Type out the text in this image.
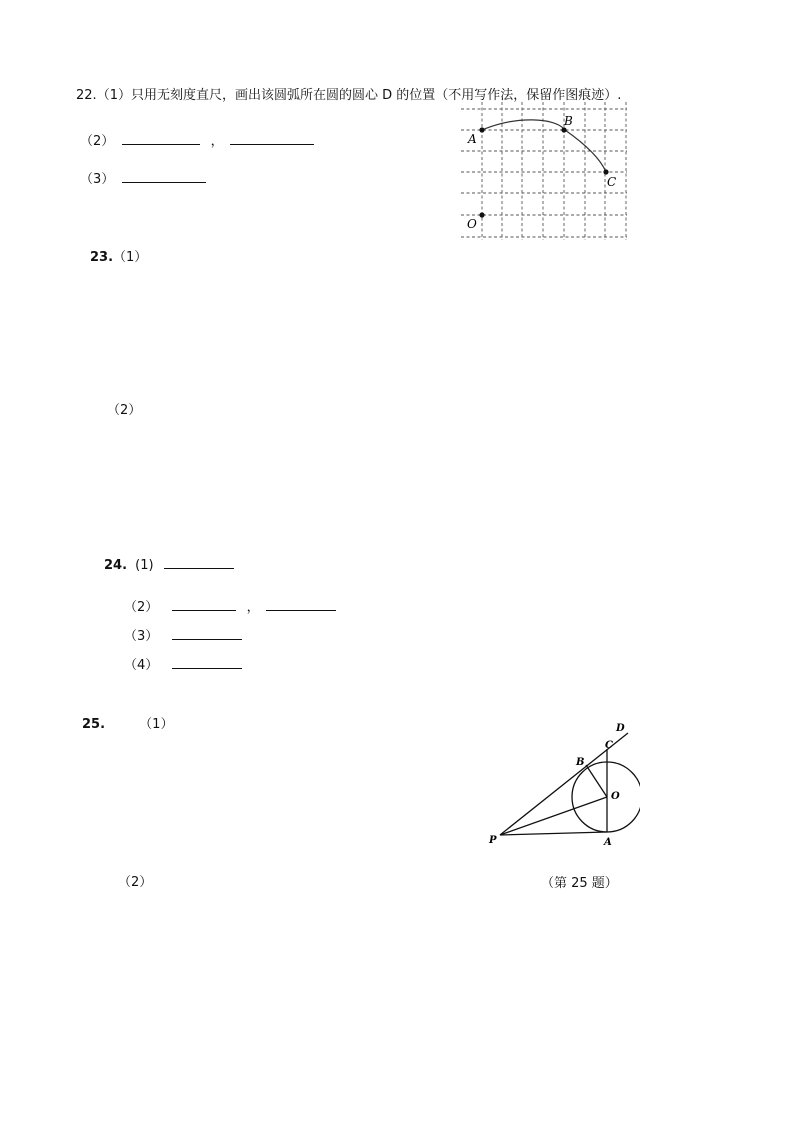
22.（1）只用无刻度直尺，画出该圆弧所在圆的圆心 D 的位置（不用写作法，保留作图痕迹）.
（2）	，
（3）
A
B
C
O
23.（1）
（2）
24. (1)
（2）	，
（3）
（4）
25.	（1）
（2）
D
C
B
O
P	A
（第 25 题）
